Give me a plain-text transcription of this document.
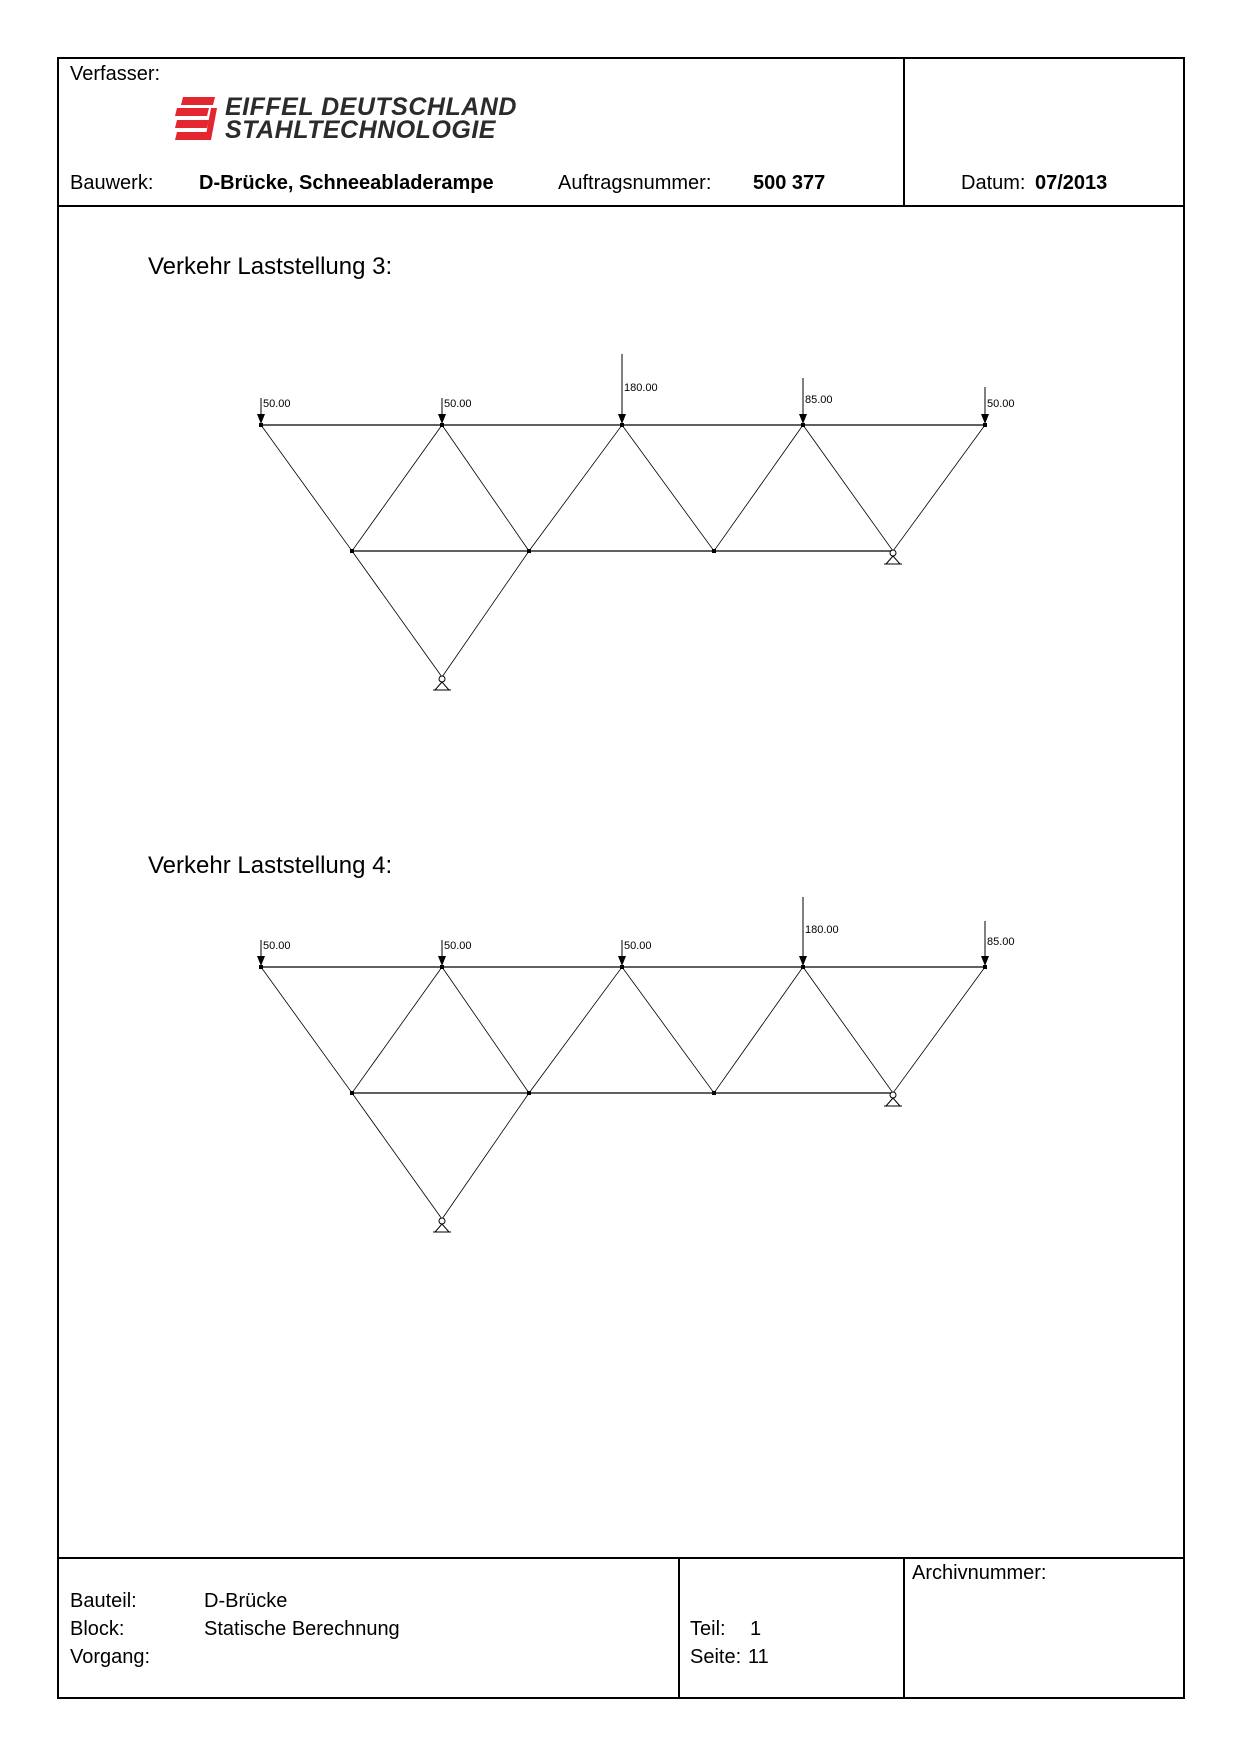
Verfasser:
EIFFEL DEUTSCHLAND
STAHLTECHNOLOGIE
Bauwerk: D-Brücke, Schneeabladerampe	Auftragsnummer: 500 377	Datum: 07/2013
Verkehr Laststellung 3:
50.00	50.00
180.00
85.00	50.00
Verkehr Laststellung 4:
50.00	50.00	50.00
180.00
85.00
Bauteil:	D-Brücke
Block:	Statische Berechnung
Vorgang:
Teil: 1
Seite: 11
Archivnummer:
